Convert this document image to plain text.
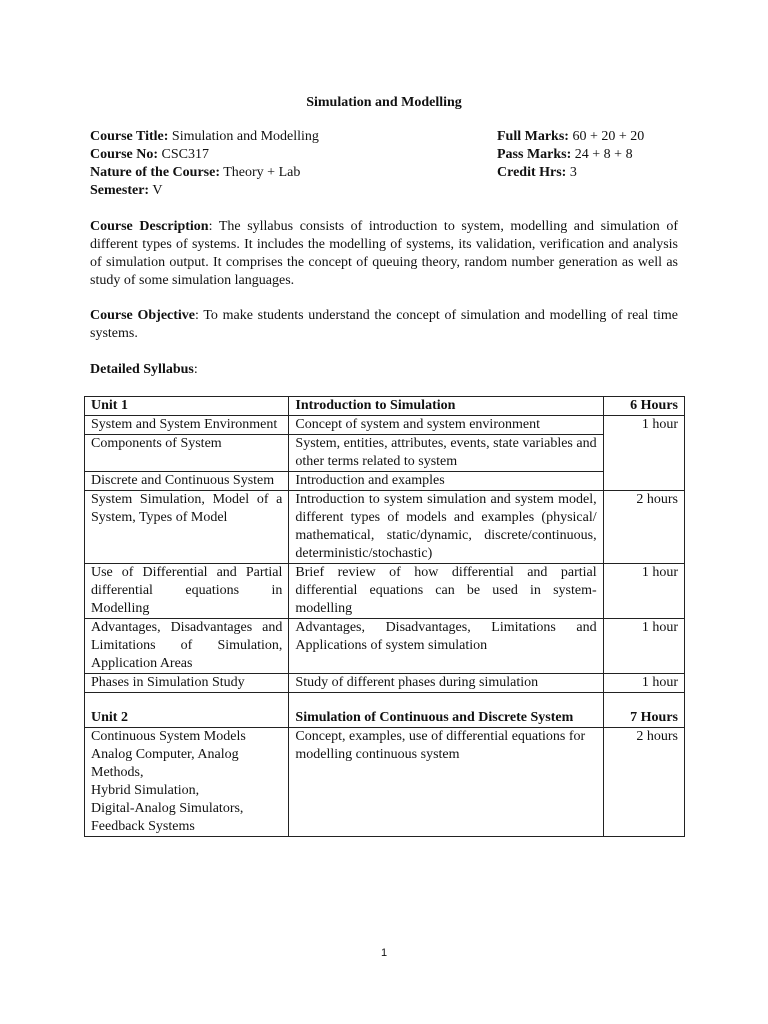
Simulation and Modelling
Course Title: Simulation and Modelling
Course No: CSC317
Nature of the Course: Theory + Lab
Semester: V
Full Marks: 60 + 20 + 20
Pass Marks: 24 + 8 + 8
Credit Hrs: 3
Course Description: The syllabus consists of introduction to system, modelling and simulation of different types of systems. It includes the modelling of systems, its validation, verification and analysis of simulation output. It comprises the concept of queuing theory, random number generation as well as study of some simulation languages.
Course Objective: To make students understand the concept of simulation and modelling of real time systems.
Detailed Syllabus:
Unit 1	Introduction to Simulation	6 Hours
System and System Environment	Concept of system and system environment	1 hour
Components of System	System, entities, attributes, events, state variables and other terms related to system	
Discrete and Continuous System	Introduction and examples	
System Simulation, Model of a System, Types of Model	Introduction to system simulation and system model, different types of models and examples (physical/ mathematical, static/dynamic, discrete/continuous, deterministic/stochastic)	2 hours
Use of Differential and Partial differential equations in Modelling	Brief review of how differential and partial differential equations can be used in system-modelling	1 hour
Advantages, Disadvantages and Limitations of Simulation, Application Areas	Advantages, Disadvantages, Limitations and Applications of system simulation	1 hour
Phases in Simulation Study	Study of different phases during simulation	1 hour

Unit 2	Simulation of Continuous and Discrete System	7 Hours

Continuous System Models
Analog Computer, Analog Methods,
Hybrid Simulation,
Digital-Analog Simulators,
Feedback Systems	Concept, examples, use of differential equations for modelling continuous system	2 hours
1
